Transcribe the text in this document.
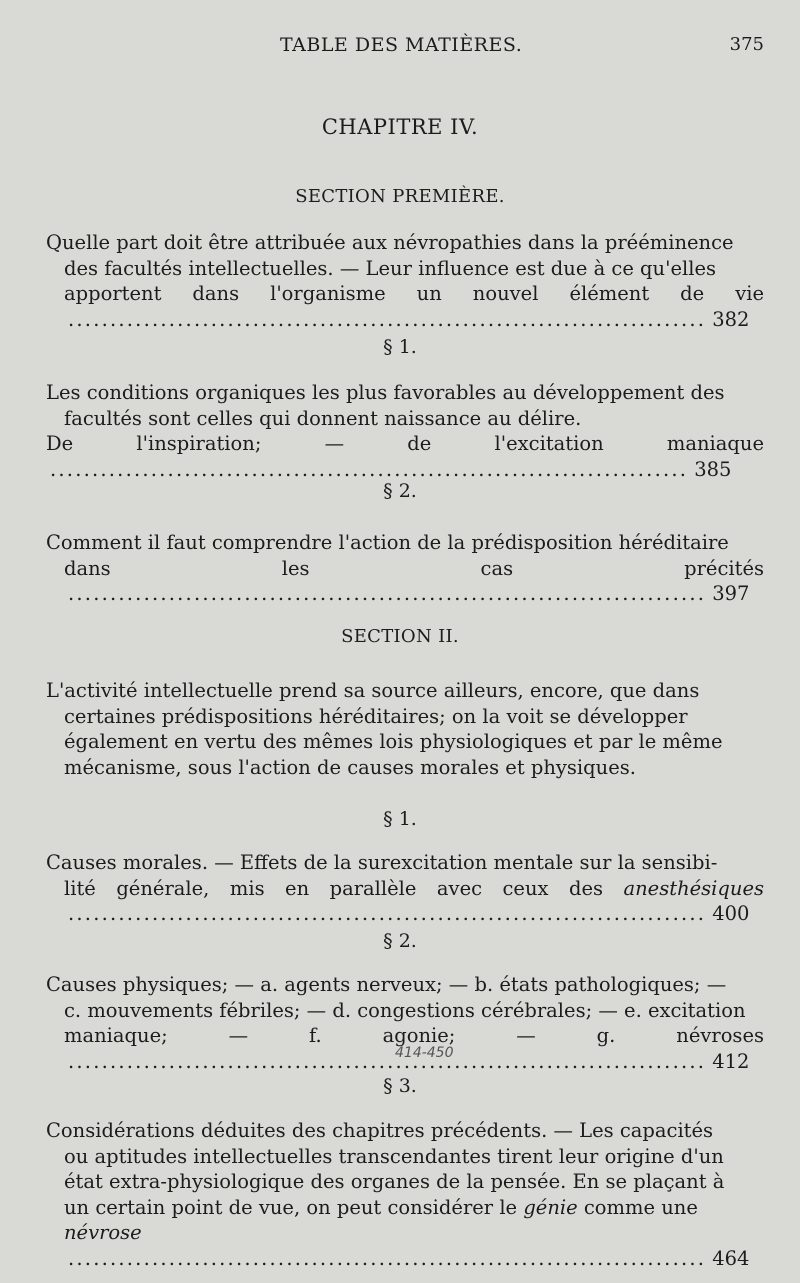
TABLE DES MATIÈRES.	375
CHAPITRE IV.
SECTION PREMIÈRE.
Quelle part doit être attribuée aux névropathies dans la prééminence
des facultés intellectuelles. — Leur influence est due à ce qu'elles
apportent dans l'organisme un nouvel élément de vie . . . 382
§ 1.
Les conditions organiques les plus favorables au développement des
facultés sont celles qui donnent naissance au délire.
De l'inspiration; — de l'excitation maniaque . . . 385
§ 2.
Comment il faut comprendre l'action de la prédisposition héréditaire
dans les cas précités . . . 397
SECTION II.
L'activité intellectuelle prend sa source ailleurs, encore, que dans
certaines prédispositions héréditaires; on la voit se développer
également en vertu des mêmes lois physiologiques et par le même
mécanisme, sous l'action de causes morales et physiques.
§ 1.
Causes morales. — Effets de la surexcitation mentale sur la sensibi-
lité générale, mis en parallèle avec ceux des anesthésiques . . . 400
§ 2.
Causes physiques; — a. agents nerveux; — b. états pathologiques; —
c. mouvements fébriles; — d. congestions cérébrales; — e. excitation
maniaque; — f. agonie; — g. névroses . . . 412
414-450
§ 3.
Considérations déduites des chapitres précédents. — Les capacités
ou aptitudes intellectuelles transcendantes tirent leur origine d'un
état extra-physiologique des organes de la pensée. En se plaçant à
un certain point de vue, on peut considérer le génie comme une
névrose . . . 464
